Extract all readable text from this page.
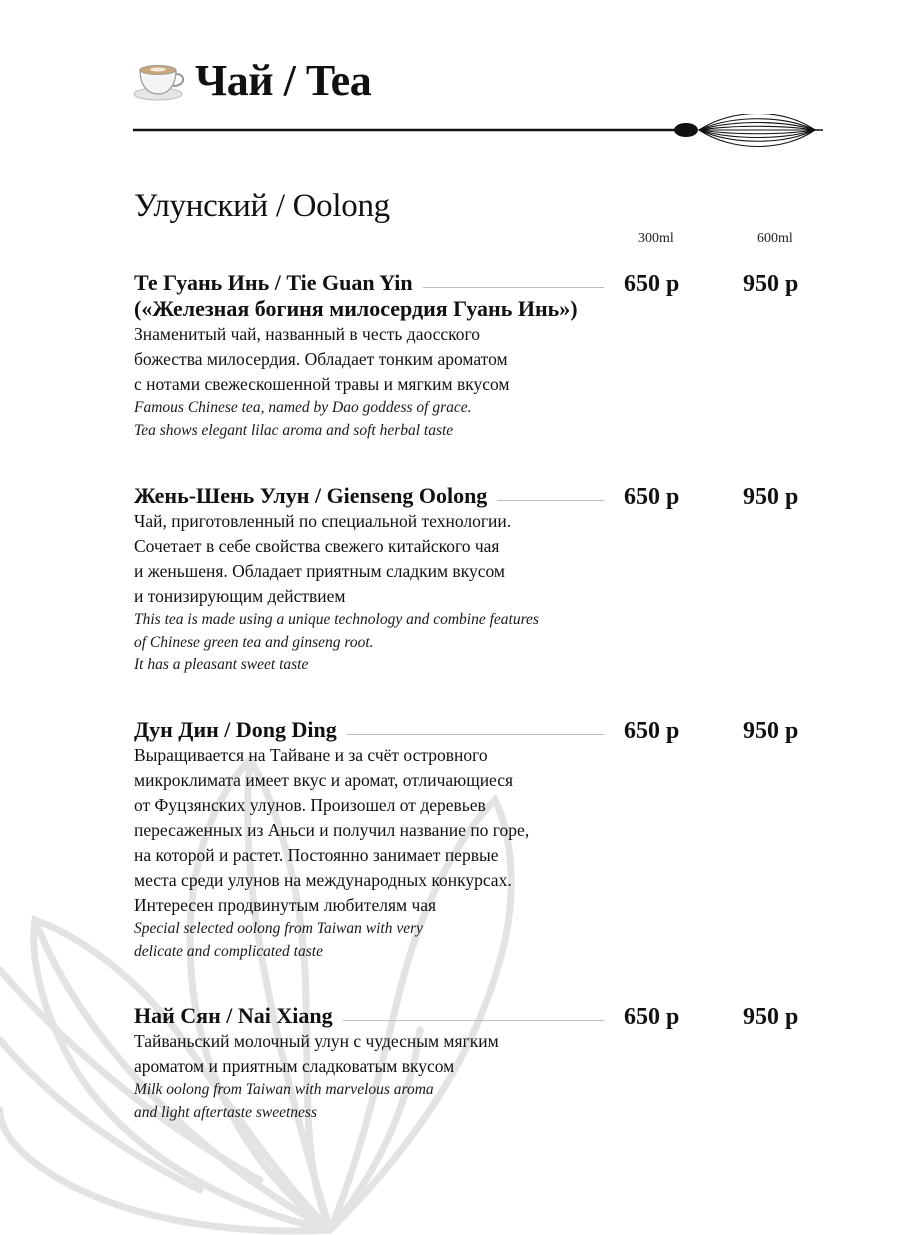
Чай / Tea
Улунский / Oolong
300ml	600ml
Те Гуань Инь / Tie Guan Yin
(«Железная богиня милосердия Гуань Инь»)
Знаменитый чай, названный в честь даосского
божества милосердия. Обладает тонким ароматом
с нотами свежескошенной травы и мягким вкусом
Famous Chinese tea, named by Dao goddess of grace.
Tea shows elegant lilac aroma and soft herbal taste
650 р	950 р
Жень-Шень Улун / Gienseng Oolong
Чай, приготовленный по специальной технологии.
Сочетает в себе свойства свежего китайского чая
и женьшеня. Обладает приятным сладким вкусом
и тонизирующим действием
This tea is made using a unique technology and combine features
of Chinese green tea and ginseng root.
It has a pleasant sweet taste
650 р	950 р
Дун Дин / Dong Ding
Выращивается на Тайване и за счёт островного
микроклимата имеет вкус и аромат, отличающиеся
от Фуцзянских улунов. Произошел от деревьев
пересаженных из Аньси и получил название по горе,
на которой и растет. Постоянно занимает первые
места среди улунов на международных конкурсах.
Интересен продвинутым любителям чая
Special selected oolong from Taiwan with very
delicate and complicated taste
650 р	950 р
Най Сян / Nai Xiang
Тайваньский молочный улун с чудесным мягким
ароматом и приятным сладковатым вкусом
Milk oolong from Taiwan with marvelous aroma
and light aftertaste sweetness
650 р	950 р
